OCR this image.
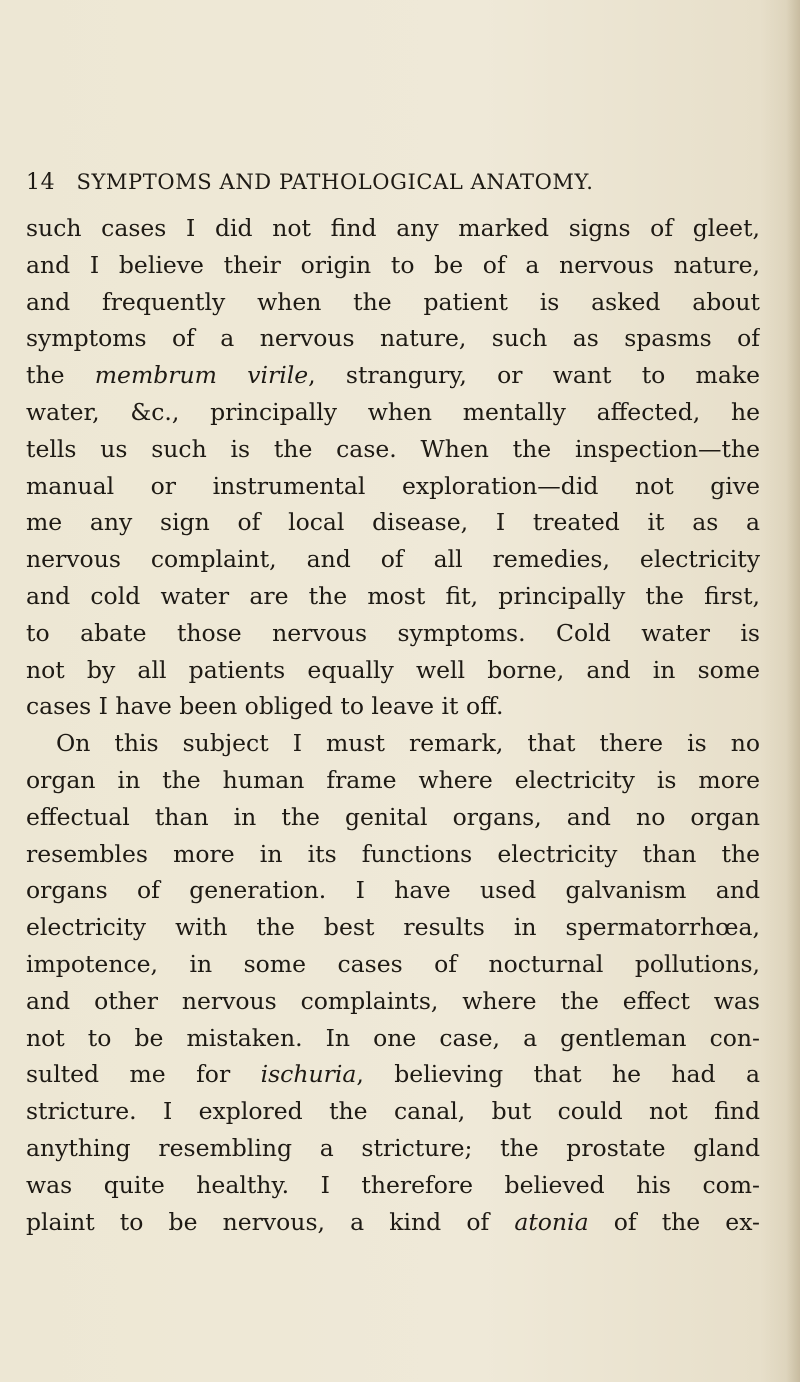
14 SYMPTOMS AND PATHOLOGICAL ANATOMY.
such cases I did not find any marked signs of gleet,
and I believe their origin to be of a nervous nature,
and frequently when the patient is asked about
symptoms of a nervous nature, such as spasms of
the membrum virile, strangury, or want to make
water, &c., principally when mentally affected, he
tells us such is the case. When the inspection—the
manual or instrumental exploration—did not give
me any sign of local disease, I treated it as a
nervous complaint, and of all remedies, electricity
and cold water are the most fit, principally the first,
to abate those nervous symptoms. Cold water is
not by all patients equally well borne, and in some
cases I have been obliged to leave it off.
On this subject I must remark, that there is no
organ in the human frame where electricity is more
effectual than in the genital organs, and no organ
resembles more in its functions electricity than the
organs of generation. I have used galvanism and
electricity with the best results in spermatorrhœa,
impotence, in some cases of nocturnal pollutions,
and other nervous complaints, where the effect was
not to be mistaken. In one case, a gentleman con-
sulted me for ischuria, believing that he had a
stricture. I explored the canal, but could not find
anything resembling a stricture; the prostate gland
was quite healthy. I therefore believed his com-
plaint to be nervous, a kind of atonia of the ex-
